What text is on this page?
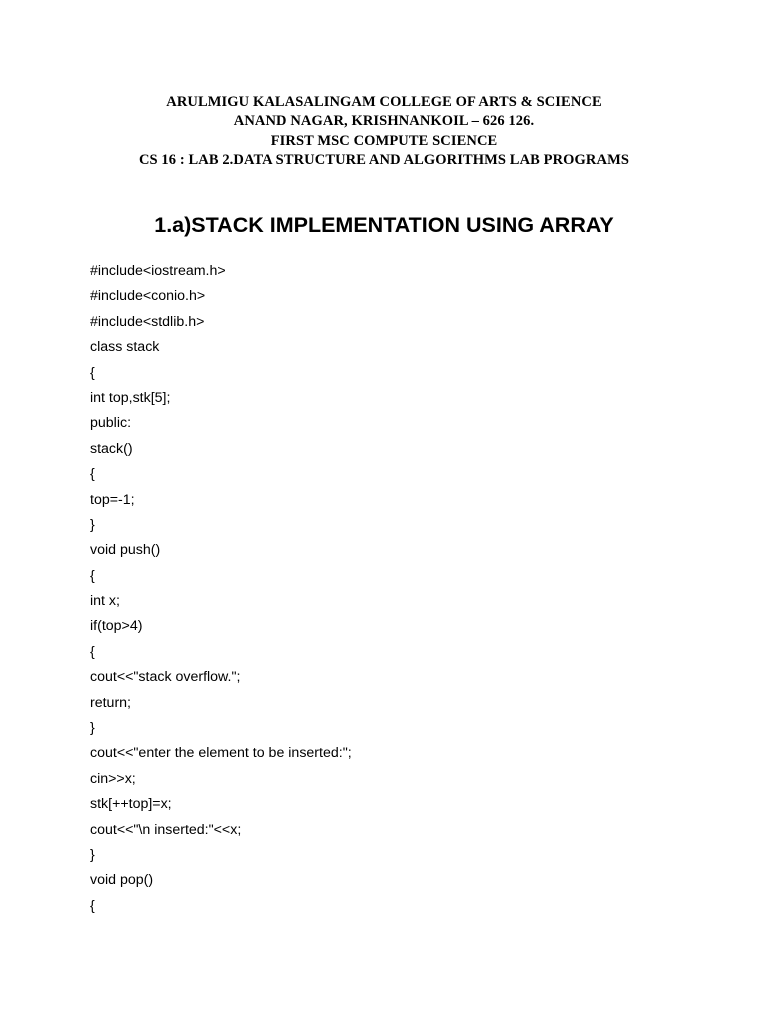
ARULMIGU KALASALINGAM COLLEGE OF ARTS & SCIENCE
ANAND NAGAR, KRISHNANKOIL – 626 126.
FIRST MSC COMPUTE SCIENCE
CS 16 : LAB 2.DATA STRUCTURE AND ALGORITHMS LAB PROGRAMS
1.a)STACK IMPLEMENTATION USING ARRAY
#include<iostream.h>
#include<conio.h>
#include<stdlib.h>
class stack
{
int top,stk[5];
public:
stack()
{
top=-1;
}
void push()
{
int x;
if(top>4)
{
cout<<"stack overflow.";
return;
}
cout<<"enter the element to be inserted:";
cin>>x;
stk[++top]=x;
cout<<"\n inserted:"<<x;
}
void pop()
{
